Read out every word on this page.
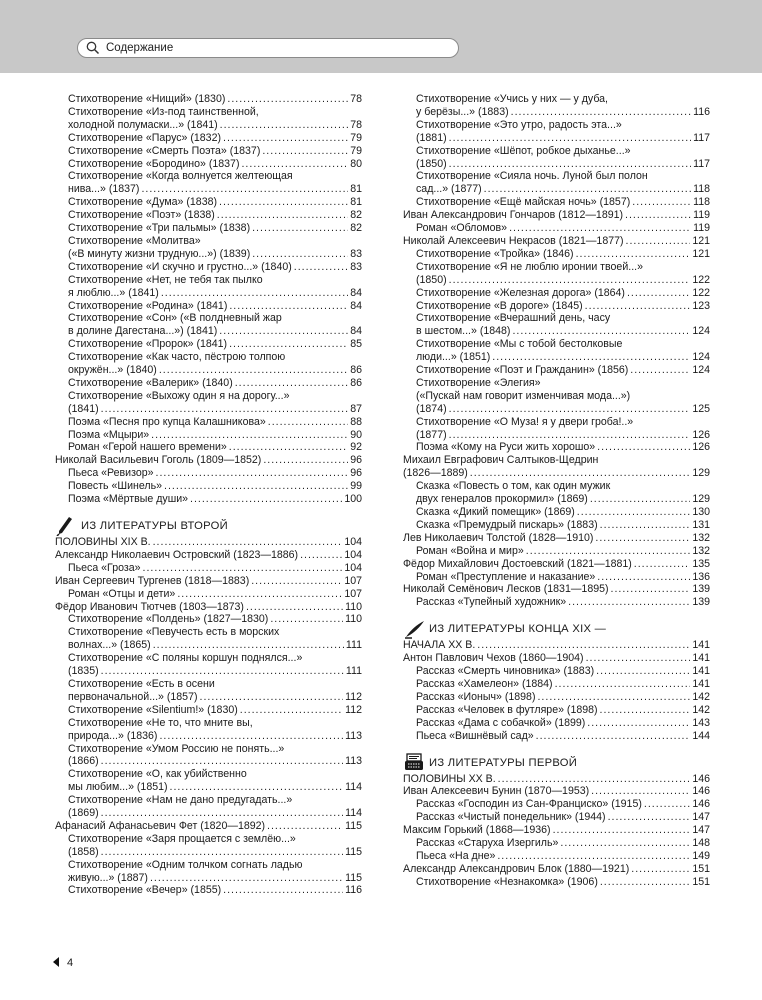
Содержание
Стихотворение «Нищий» (1830) .....	78
Стихотворение «Из-под таинственной,
холодной полумаски...» (1841) .....	78
Стихотворение «Парус» (1832) .....	79
Стихотворение «Смерть Поэта» (1837) .....	79
Стихотворение «Бородино» (1837) .....	80
Стихотворение «Когда волнуется желтеющая
нива...» (1837) .....	81
Стихотворение «Дума» (1838) .....	81
Стихотворение «Поэт» (1838) .....	82
Стихотворение «Три пальмы» (1838) .....	82
Стихотворение «Молитва»
(«В минуту жизни трудную...») (1839) .....	83
Стихотворение «И скучно и грустно...» (1840) .....	83
Стихотворение «Нет, не тебя так пылко
я люблю...» (1841) .....	84
Стихотворение «Родина» (1841) .....	84
Стихотворение «Сон» («В полдневный жар
в долине Дагестана...») (1841) .....	84
Стихотворение «Пророк» (1841) .....	85
Стихотворение «Как часто, пёстрою толпою
окружён...» (1840) .....	86
Стихотворение «Валерик» (1840) .....	86
Стихотворение «Выхожу один я на дорогу...»
(1841) .....	87
Поэма «Песня про купца Калашникова» .....	88
Поэма «Мцыри» .....	90
Роман «Герой нашего времени» .....	92
Николай Васильевич Гоголь (1809—1852) .....	96
Пьеса «Ревизор» .....	96
Повесть «Шинель» .....	99
Поэма «Мёртвые души» .....	100
ИЗ ЛИТЕРАТУРЫ ВТОРОЙ
ПОЛОВИНЫ XIX В. .....	104
Александр Николаевич Островский (1823—1886) .....	104
Пьеса «Гроза» .....	104
Иван Сергеевич Тургенев (1818—1883) .....	107
Роман «Отцы и дети» .....	107
Фёдор Иванович Тютчев (1803—1873) .....	110
Стихотворение «Полдень» (1827—1830) .....	110
Стихотворение «Певучесть есть в морских
волнах...» (1865) .....	111
Стихотворение «С поляны коршун поднялся...»
(1835) .....	111
Стихотворение «Есть в осени
первоначальной...» (1857) .....	112
Стихотворение «Silentium!» (1830) .....	112
Стихотворение «Не то, что мните вы,
природа...» (1836) .....	113
Стихотворение «Умом Россию не понять...»
(1866) .....	113
Стихотворение «О, как убийственно
мы любим...» (1851) .....	114
Стихотворение «Нам не дано предугадать...»
(1869) .....	114
Афанасий Афанасьевич Фет (1820—1892) .....	115
Стихотворение «Заря прощается с землёю...»
(1858) .....	115
Стихотворение «Одним толчком согнать ладью
живую...» (1887) .....	115
Стихотворение «Вечер» (1855) .....	116
Стихотворение «Учись у них — у дуба,
у берёзы...» (1883) .....	116
Стихотворение «Это утро, радость эта...»
(1881) .....	117
Стихотворение «Шёпот, робкое дыханье...»
(1850) .....	117
Стихотворение «Сияла ночь. Луной был полон
сад...» (1877) .....	118
Стихотворение «Ещё майская ночь» (1857) .....	118
Иван Александрович Гончаров (1812—1891) .....	119
Роман «Обломов» .....	119
Николай Алексеевич Некрасов (1821—1877) .....	121
Стихотворение «Тройка» (1846) .....	121
Стихотворение «Я не люблю иронии твоей...»
(1850) .....	122
Стихотворение «Железная дорога» (1864) .....	122
Стихотворение «В дороге» (1845) .....	123
Стихотворение «Вчерашний день, часу
в шестом...» (1848) .....	124
Стихотворение «Мы с тобой бестолковые
люди...» (1851) .....	124
Стихотворение «Поэт и Гражданин» (1856) .....	124
Стихотворение «Элегия»
(«Пускай нам говорит изменчивая мода...»)
(1874) .....	125
Стихотворение «О Муза! я у двери гроба!..»
(1877) .....	126
Поэма «Кому на Руси жить хорошо» .....	126
Михаил Евграфович Салтыков-Щедрин
(1826—1889) .....	129
Сказка «Повесть о том, как один мужик
двух генералов прокормил» (1869) .....	129
Сказка «Дикий помещик» (1869) .....	130
Сказка «Премудрый пискарь» (1883) .....	131
Лев Николаевич Толстой (1828—1910) .....	132
Роман «Война и мир» .....	132
Фёдор Михайлович Достоевский (1821—1881) .....	135
Роман «Преступление и наказание» .....	136
Николай Семёнович Лесков (1831—1895) .....	139
Рассказ «Тупейный художник» .....	139
ИЗ ЛИТЕРАТУРЫ КОНЦА XIX —
НАЧАЛА XX В. .....	141
Антон Павлович Чехов (1860—1904) .....	141
Рассказ «Смерть чиновника» (1883) .....	141
Рассказ «Хамелеон» (1884) .....	141
Рассказ «Ионыч» (1898) .....	142
Рассказ «Человек в футляре» (1898) .....	142
Рассказ «Дама с собачкой» (1899) .....	143
Пьеса «Вишнёвый сад» .....	144
ИЗ ЛИТЕРАТУРЫ ПЕРВОЙ
ПОЛОВИНЫ XX В. .....	146
Иван Алексеевич Бунин (1870—1953) .....	146
Рассказ «Господин из Сан-Франциско» (1915) .....	146
Рассказ «Чистый понедельник» (1944) .....	147
Максим Горький (1868—1936) .....	147
Рассказ «Старуха Изергиль» .....	148
Пьеса «На дне» .....	149
Александр Александрович Блок (1880—1921) .....	151
Стихотворение «Незнакомка» (1906) .....	151
4
